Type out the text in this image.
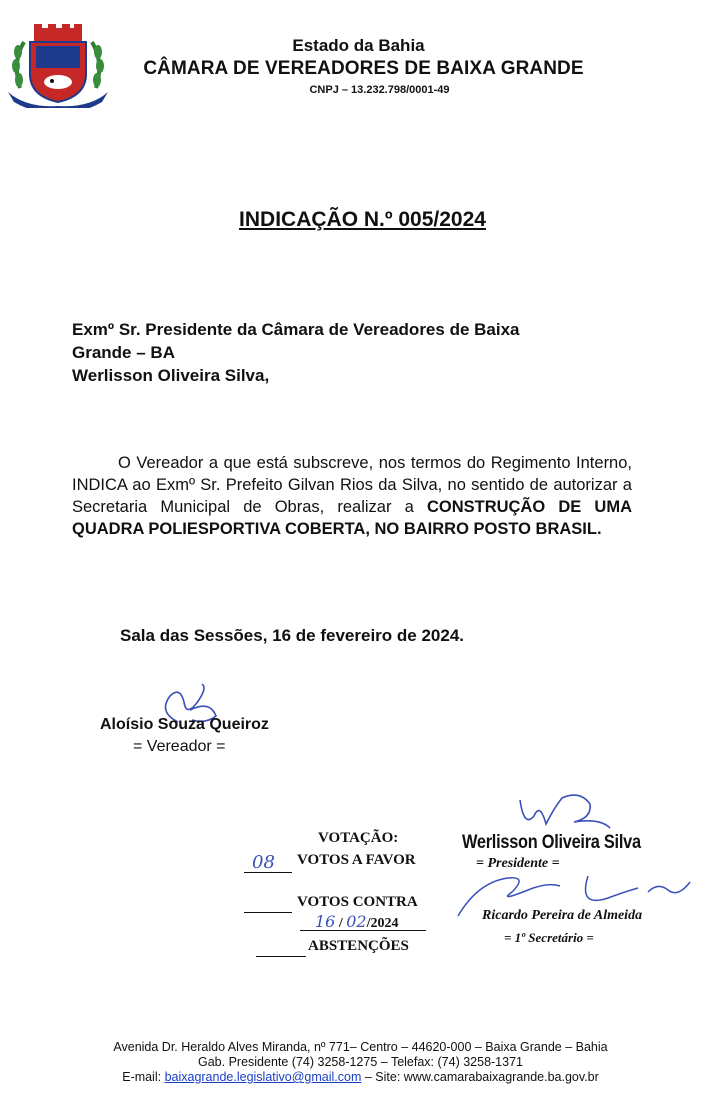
Estado da Bahia
CÂMARA DE VEREADORES DE BAIXA GRANDE
CNPJ – 13.232.798/0001-49
INDICAÇÃO N.º 005/2024
Exmº Sr. Presidente da Câmara de Vereadores de Baixa
Grande – BA
Werlisson Oliveira Silva,
O Vereador a que está subscreve, nos termos do Regimento Interno, INDICA ao Exmº Sr. Prefeito Gilvan Rios da Silva, no sentido de autorizar a Secretaria Municipal de Obras, realizar a CONSTRUÇÃO DE UMA QUADRA POLIESPORTIVA COBERTA, NO BAIRRO POSTO BRASIL.
Sala das Sessões, 16 de fevereiro de 2024.
Aloísio Souza Queiroz
= Vereador =
VOTAÇÃO:
08 VOTOS A FAVOR
VOTOS CONTRA
16 / 02/2024
ABSTENÇÕES
Werlisson Oliveira Silva
= Presidente =
Ricardo Pereira de Almeida
= 1º Secretário =
Avenida Dr. Heraldo Alves Miranda, nº 771– Centro – 44620-000 – Baixa Grande – Bahia
Gab. Presidente (74) 3258-1275 – Telefax: (74) 3258-1371
E-mail: baixagrande.legislativo@gmail.com – Site: www.camarabaixagrande.ba.gov.br
